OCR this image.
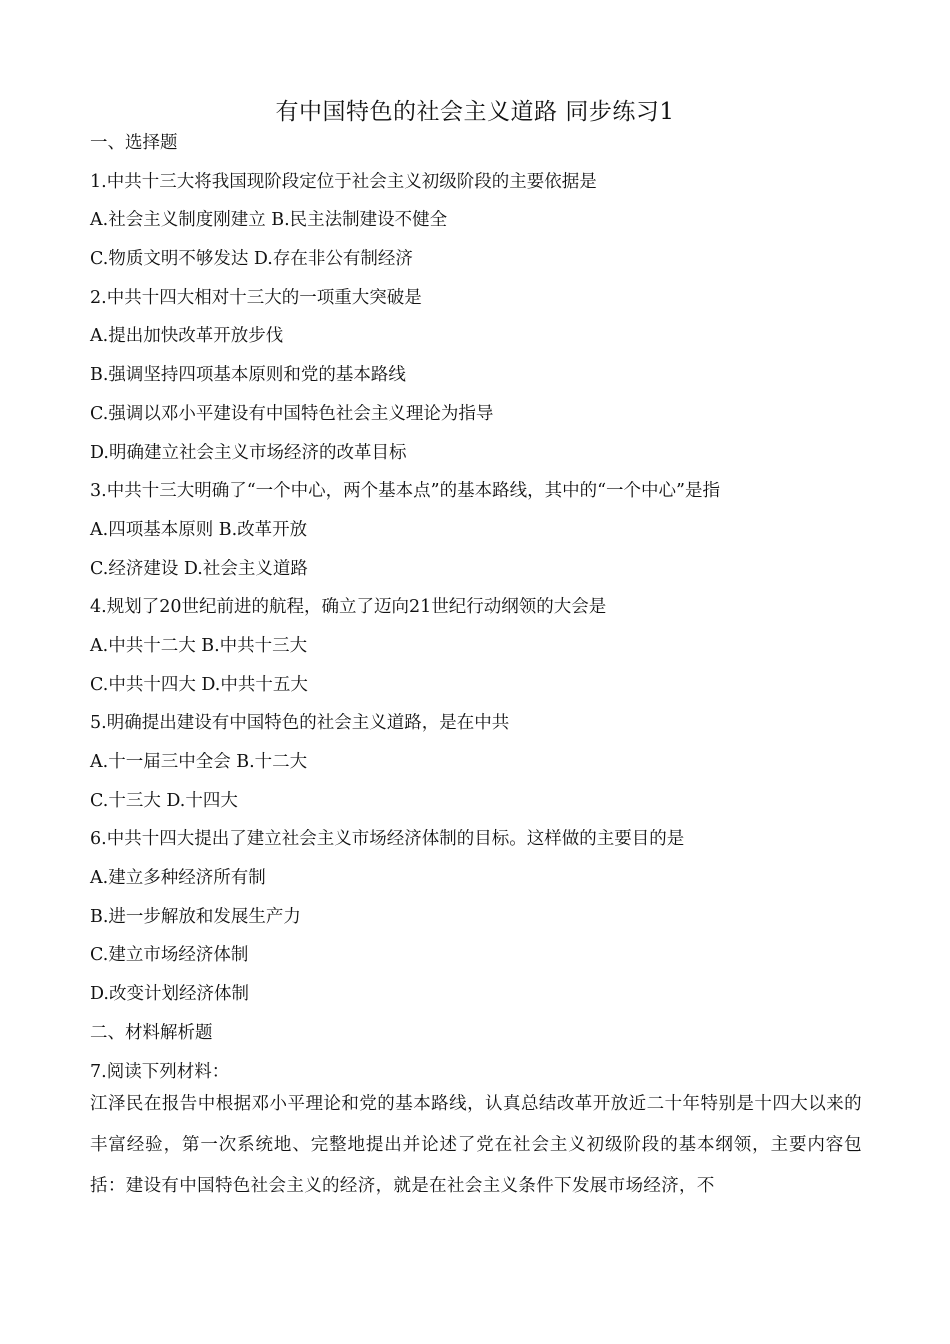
有中国特色的社会主义道路 同步练习1
一、选择题
1.中共十三大将我国现阶段定位于社会主义初级阶段的主要依据是
A.社会主义制度刚建立 B.民主法制建设不健全
C.物质文明不够发达 D.存在非公有制经济
2.中共十四大相对十三大的一项重大突破是
A.提出加快改革开放步伐
B.强调坚持四项基本原则和党的基本路线
C.强调以邓小平建设有中国特色社会主义理论为指导
D.明确建立社会主义市场经济的改革目标
3.中共十三大明确了“一个中心，两个基本点”的基本路线，其中的“一个中心”是指
A.四项基本原则 B.改革开放
C.经济建设 D.社会主义道路
4.规划了20世纪前进的航程，确立了迈向21世纪行动纲领的大会是
A.中共十二大 B.中共十三大
C.中共十四大 D.中共十五大
5.明确提出建设有中国特色的社会主义道路，是在中共
A.十一届三中全会 B.十二大
C.十三大 D.十四大
6.中共十四大提出了建立社会主义市场经济体制的目标。这样做的主要目的是
A.建立多种经济所有制
B.进一步解放和发展生产力
C.建立市场经济体制
D.改变计划经济体制
二、材料解析题
7.阅读下列材料：
江泽民在报告中根据邓小平理论和党的基本路线，认真总结改革开放近二十年特别是十四大以来的丰富经验，第一次系统地、完整地提出并论述了党在社会主义初级阶段的基本纲领，主要内容包括：建设有中国特色社会主义的经济，就是在社会主义条件下发展市场经济，不
